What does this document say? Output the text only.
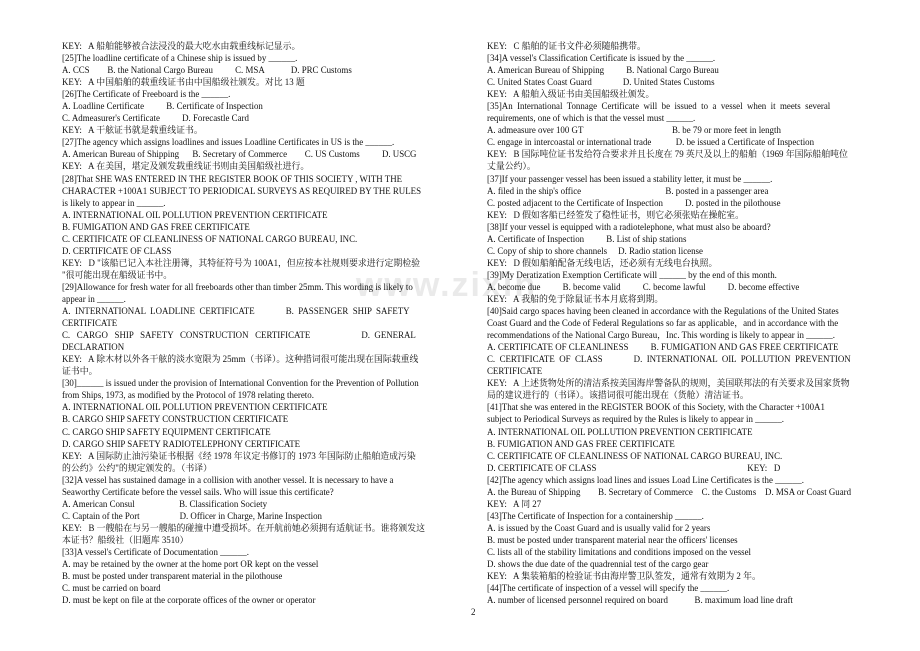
www.zixin
KEY:   A 船舶能够被合法浸没的最大吃水由载重线标记显示。
[25]The loadline certificate of a Chinese ship is issued by ______.
A. CCS        B. the National Cargo Bureau          C. MSA            D. PRC Customs
KEY:   A 中国船舶的载重线证书由中国船级社颁发。对比 13 题
[26]The Certificate of Freeboard is the ______.
A. Loadline Certificate          B. Certificate of Inspection
C. Admeasurer's Certificate          D. Forecastle Card
KEY:   A 干舷证书就是载重线证书。
[27]The agency which assigns loadlines and issues Loadline Certificates in US is the ______.
A. American Bureau of Shipping      B. Secretary of Commerce        C. US Customs          D. USCG
KEY:   A 在美国，堪定及颁发载重线证书则由美国船级社进行。
[28]That SHE WAS ENTERED IN THE REGISTER BOOK OF THIS SOCIETY , WITH THE
CHARACTER +100A1 SUBJECT TO PERIODICAL SURVEYS AS REQUIRED BY THE RULES
is likely to appear in ______.
A. INTERNATIONAL OIL POLLUTION PREVENTION CERTIFICATE
B. FUMIGATION AND GAS FREE CERTIFICATE
C. CERTIFICATE OF CLEANLINESS OF NATIONAL CARGO BUREAU, INC.
D. CERTIFICATE OF CLASS
KEY:   D "该船已记入本社注册簿，其特征符号为 100A1，但应按本社规则要求进行定期检验
"很可能出现在船级证书中。
[29]Allowance for fresh water for all freeboards other than timber 25mm. This wording is likely to
appear in ______.
A.  INTERNATIONAL  LOADLINE  CERTIFICATE              B.  PASSENGER  SHIP  SAFETY
CERTIFICATE
C.   CARGO   SHIP   SAFETY   CONSTRUCTION   CERTIFICATE                       D.  GENERAL
DECLARATION
KEY:   A 除木材以外各干舷的淡水宽限为 25mm（书译）。这种措词很可能出现在国际载重线
证书中。
[30]______ is issued under the provision of International Convention for the Prevention of Pollution
from Ships, 1973, as modified by the Protocol of 1978 relating thereto.
A. INTERNATIONAL OIL POLLUTION PREVENTION CERTIFICATE
B. CARGO SHIP SAFETY CONSTRUCTION CERTIFICATE
C. CARGO SHIP SAFETY EQUIPMENT CERTIFICATE
D. CARGO SHIP SAFETY RADIOTELEPHONY CERTIFICATE
KEY:   A 国际防止油污染证书根据《经 1978 年议定书修订的 1973 年国际防止船舶造成污染
的公约》公约"的规定颁发的。（书译）
[32]A vessel has sustained damage in a collision with another vessel. It is necessary to have a
Seaworthy Certificate before the vessel sails. Who will issue this certificate?
A. American Consul                    B. Classification Society
C. Captain of the Port                  D. Officer in Charge, Marine Inspection
KEY:   B 一艘船在与另一艘船的碰撞中遭受损坏。在开航前她必须拥有适航证书。谁将颁发这
本证书？船级社（旧题库 3510）
[33]A vessel's Certificate of Documentation ______.
A. may be retained by the owner at the home port OR kept on the vessel
B. must be posted under transparent material in the pilothouse
C. must be carried on board
D. must be kept on file at the corporate offices of the owner or operator
KEY:   C 船舶的证书文件必须随船携带。
[34]A vessel's Classification Certificate is issued by the ______.
A. American Bureau of Shipping          B. National Cargo Bureau
C. United States Coast Guard              D. United States Customs
KEY:   A 船舶入级证书由美国船级社颁发。
[35]An  International  Tonnage  Certificate  will  be  issued  to  a  vessel  when  it  meets  several
requirements, one of which is that the vessel must ______.
A. admeasure over 100 GT                                        B. be 79 or more feet in length
C. engage in intercoastal or international trade           D. be issued a Certificate of Inspection
KEY:   B 国际吨位证书发给符合要求并且长度在 79 英尺及以上的船舶（1969 年国际船舶吨位
丈量公约）。
[37]If your passenger vessel has been issued a stability letter, it must be ______.
A. filed in the ship's office                                      B. posted in a passenger area
C. posted adjacent to the Certificate of Inspection          D. posted in the pilothouse
KEY:   D 假如客船已经签发了稳性证书，则它必须张贴在操舵室。
[38]If your vessel is equipped with a radiotelephone, what must also be aboard?
A. Certificate of Inspection          B. List of ship stations
C. Copy of ship to shore channels     D. Radio station license
KEY:   D 假如船舶配备无线电话，还必须有无线电台执照。
[39]My Deratization Exemption Certificate will ______ by the end of this month.
A. become due          B. become valid          C. become lawful          D. become effective
KEY:   A 我船的免于除鼠证书本月底将到期。
[40]Said cargo spaces having been cleaned in accordance with the Regulations of the United States
Coast Guard and the Code of Federal Regulations so far as applicable，and in accordance with the
recommendations of the National Cargo Bureau，Inc. This wording is likely to appear in ______.
A. CERTIFICATE OF CLEANLINESS          B. FUMIGATION AND GAS FREE CERTIFICATE
C.  CERTIFICATE  OF  CLASS              D.  INTERNATIONAL  OIL  POLLUTION  PREVENTION
CERTIFICATE
KEY:   A 上述货物处所的清洁系按美国海岸警备队的规则，美国联邦法的有关要求及国家货物
局的建议进行的（书译）。该措词很可能出现在（货舱）清洁证书。
[41]That she was entered in the REGISTER BOOK of this Society, with the Character +100A1
subject to Periodical Surveys as required by the Rules is likely to appear in ______.
A. INTERNATIONAL OIL POLLUTION PREVENTION CERTIFICATE
B. FUMIGATION AND GAS FREE CERTIFICATE
C. CERTIFICATE OF CLEANLINESS OF NATIONAL CARGO BUREAU, INC.
D. CERTIFICATE OF CLASS                                                                    KEY:   D
[42]The agency which assigns load lines and issues Load Line Certificates is the ______.
A. the Bureau of Shipping        B. Secretary of Commerce    C. the Customs    D. MSA or Coast Guard
KEY:   A 同 27
[43]The Certificate of Inspection for a containership ______.
A. is issued by the Coast Guard and is usually valid for 2 years
B. must be posted under transparent material near the officers' licenses
C. lists all of the stability limitations and conditions imposed on the vessel
D. shows the due date of the quadrennial test of the cargo gear
KEY:   A 集装箱船的检验证书由海岸警卫队签发，通常有效期为 2 年。
[44]The certificate of inspection of a vessel will specify the ______.
A. number of licensed personnel required on board            B. maximum load line draft
2
